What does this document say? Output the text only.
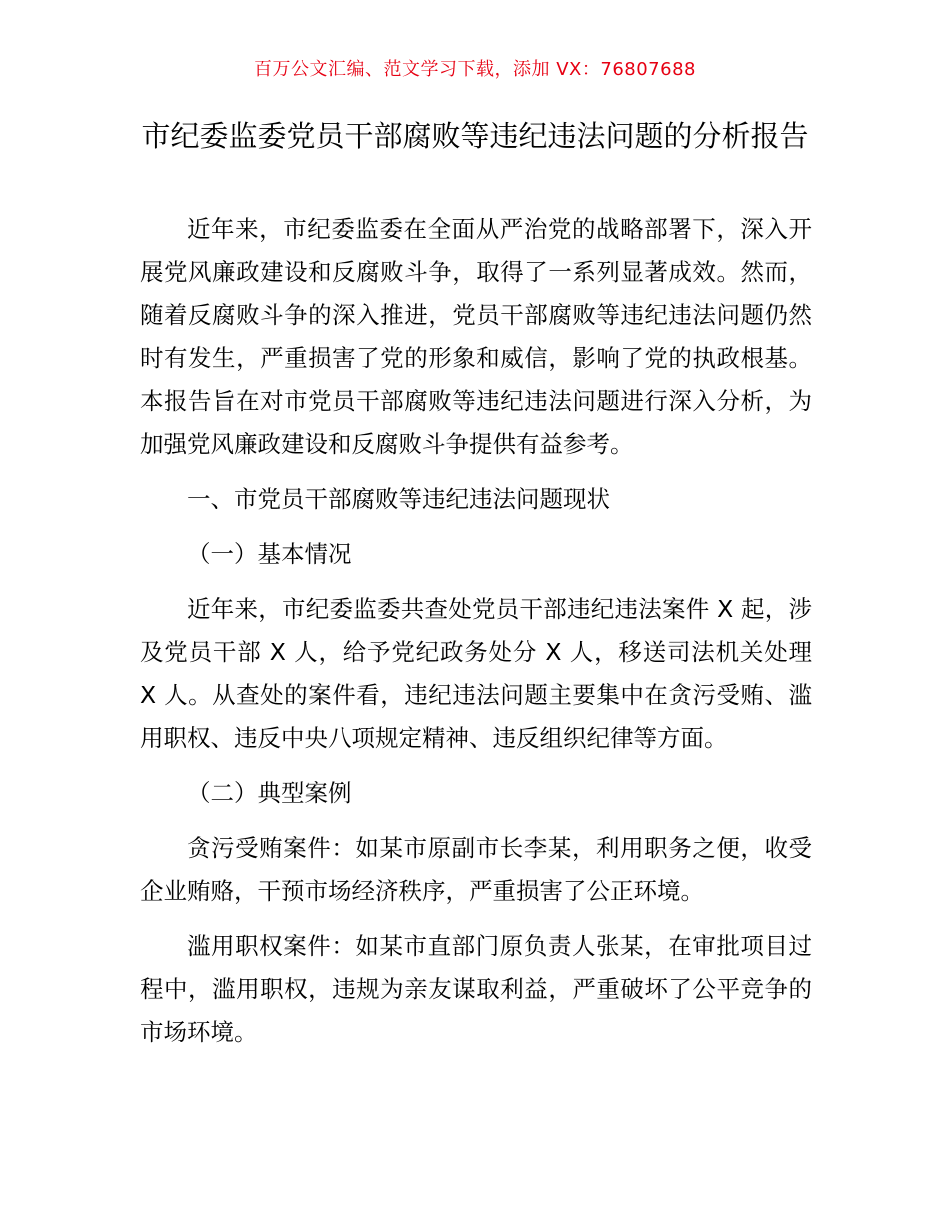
百万公文汇编、范文学习下载，添加 VX：76807688
市纪委监委党员干部腐败等违纪违法问题的分析报告

近年来，市纪委监委在全面从严治党的战略部署下，深入开展党风廉政建设和反腐败斗争，取得了一系列显著成效。然而，随着反腐败斗争的深入推进，党员干部腐败等违纪违法问题仍然时有发生，严重损害了党的形象和威信，影响了党的执政根基。本报告旨在对市党员干部腐败等违纪违法问题进行深入分析，为加强党风廉政建设和反腐败斗争提供有益参考。

一、市党员干部腐败等违纪违法问题现状

（一）基本情况

近年来，市纪委监委共查处党员干部违纪违法案件 X 起，涉及党员干部 X 人，给予党纪政务处分 X 人，移送司法机关处理 X 人。从查处的案件看，违纪违法问题主要集中在贪污受贿、滥用职权、违反中央八项规定精神、违反组织纪律等方面。

（二）典型案例

贪污受贿案件：如某市原副市长李某，利用职务之便，收受企业贿赂，干预市场经济秩序，严重损害了公正环境。

滥用职权案件：如某市直部门原负责人张某，在审批项目过程中，滥用职权，违规为亲友谋取利益，严重破坏了公平竞争的市场环境。
